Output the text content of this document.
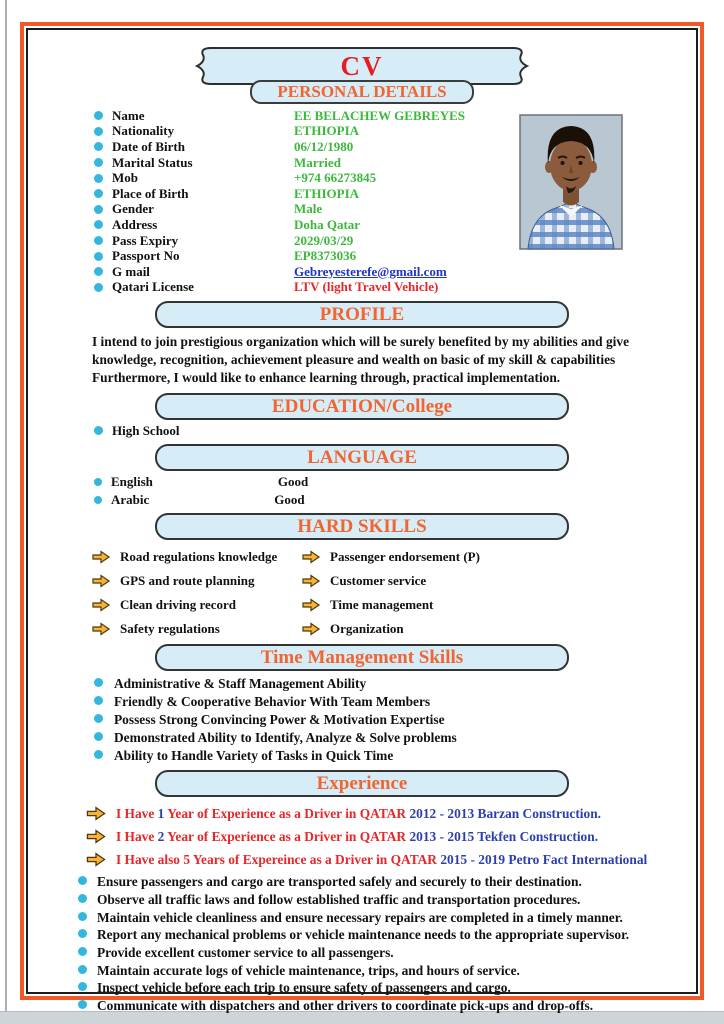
CV
PERSONAL DETAILS
Name	EE BELACHEW GEBREYES
Nationality	ETHIOPIA
Date of Birth	06/12/1980
Marital Status	Married
Mob	+974 66273845
Place of Birth	ETHIOPIA
Gender	Male
Address	Doha Qatar
Pass Expiry	2029/03/29
Passport No	EP8373036
G mail	Gebreyesterefe@gmail.com
Qatari License	LTV (light Travel Vehicle)
PROFILE
I intend to join prestigious organization which will be surely benefited by my abilities and give
knowledge, recognition, achievement pleasure and wealth on basic of my skill & capabilities
Furthermore, I would like to enhance learning through, practical implementation.
EDUCATION/College
High School
LANGUAGE
English	Good
Arabic	Good
HARD SKILLS
Road regulations knowledge	Passenger endorsement (P)
GPS and route planning	Customer service
Clean driving record	Time management
Safety regulations	Organization
Time Management Skills
Administrative & Staff Management Ability
Friendly & Cooperative Behavior With Team Members
Possess Strong Convincing Power & Motivation Expertise
Demonstrated Ability to Identify, Analyze & Solve problems
Ability to Handle Variety of Tasks in Quick Time
Experience
I Have 1 Year of Experience as a Driver in QATAR 2012 - 2013 Barzan Construction.
I Have 2 Year of Experience as a Driver in QATAR 2013 - 2015 Tekfen Construction.
I Have also 5 Years of Expereince as a Driver in QATAR 2015 - 2019 Petro Fact International
Ensure passengers and cargo are transported safely and securely to their destination.
Observe all traffic laws and follow established traffic and transportation procedures.
Maintain vehicle cleanliness and ensure necessary repairs are completed in a timely manner.
Report any mechanical problems or vehicle maintenance needs to the appropriate supervisor.
Provide excellent customer service to all passengers.
Maintain accurate logs of vehicle maintenance, trips, and hours of service.
Inspect vehicle before each trip to ensure safety of passengers and cargo.
Communicate with dispatchers and other drivers to coordinate pick-ups and drop-offs.
